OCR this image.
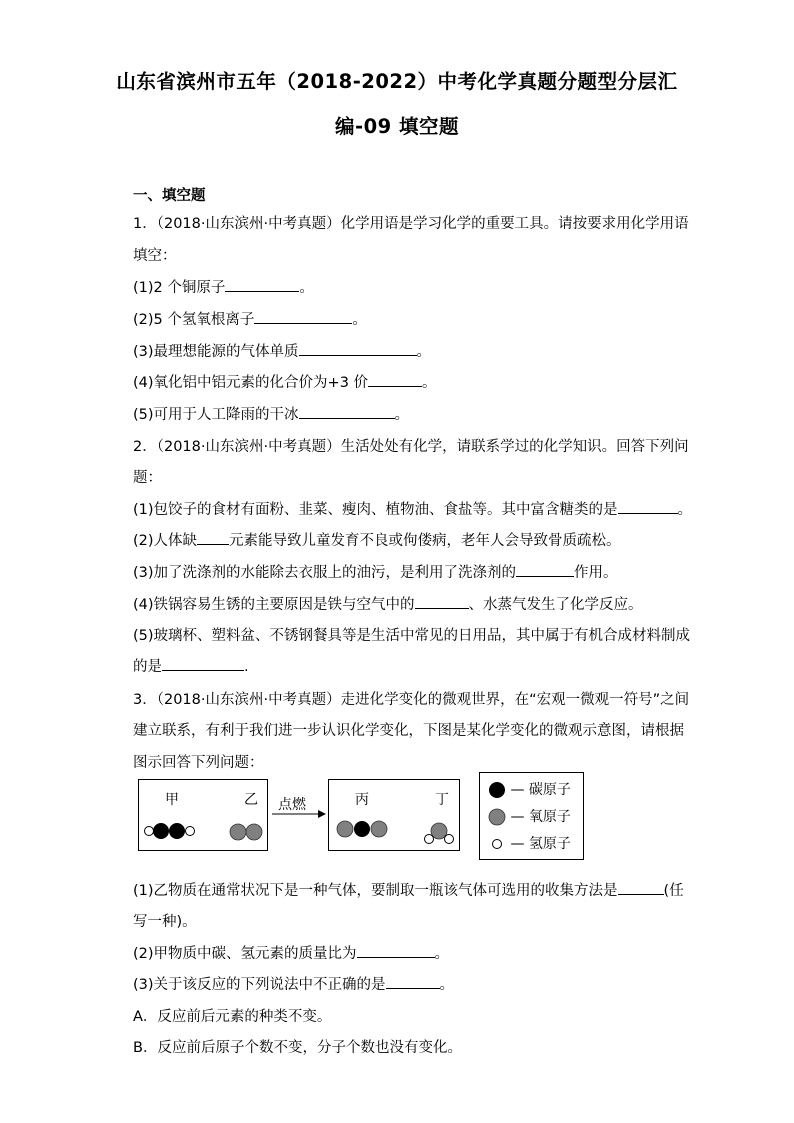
山东省滨州市五年（2018-2022）中考化学真题分题型分层汇
编-09 填空题
一、填空题
1．（2018·山东滨州·中考真题）化学用语是学习化学的重要工具。请按要求用化学用语
填空：
(1)2 个铜原子	。
(2)5 个氢氧根离子	。
(3)最理想能源的气体单质	。
(4)氧化铝中铝元素的化合价为+3 价	。
(5)可用于人工降雨的干冰	。
2．（2018·山东滨州·中考真题）生活处处有化学，请联系学过的化学知识。回答下列问
题：
(1)包饺子的食材有面粉、韭菜、瘦肉、植物油、食盐等。其中富含糖类的是	。
(2)人体缺 元素能导致儿童发育不良或佝偻病，老年人会导致骨质疏松。
(3)加了洗涤剂的水能除去衣服上的油污，是利用了洗涤剂的	作用。
(4)铁锅容易生锈的主要原因是铁与空气中的	、水蒸气发生了化学反应。
(5)玻璃杯、塑料盆、不锈钢餐具等是生活中常见的日用品，其中属于有机合成材料制成
的是	.
3．（2018·山东滨州·中考真题）走进化学变化的微观世界，在“宏观一微观一符号”之间
建立联系，有利于我们进一步认识化学变化，下图是某化学变化的微观示意图，请根据
图示回答下列问题：
甲	乙 点燃	丙	丁
— 碳原子
— 氧原子
— 氢原子
(1)乙物质在通常状况下是一种气体，要制取一瓶该气体可选用的收集方法是	(任
写一种)。
(2)甲物质中碳、氢元素的质量比为	。
(3)关于该反应的下列说法中不正确的是	。
A．反应前后元素的种类不变。
B．反应前后原子个数不变，分子个数也没有变化。
